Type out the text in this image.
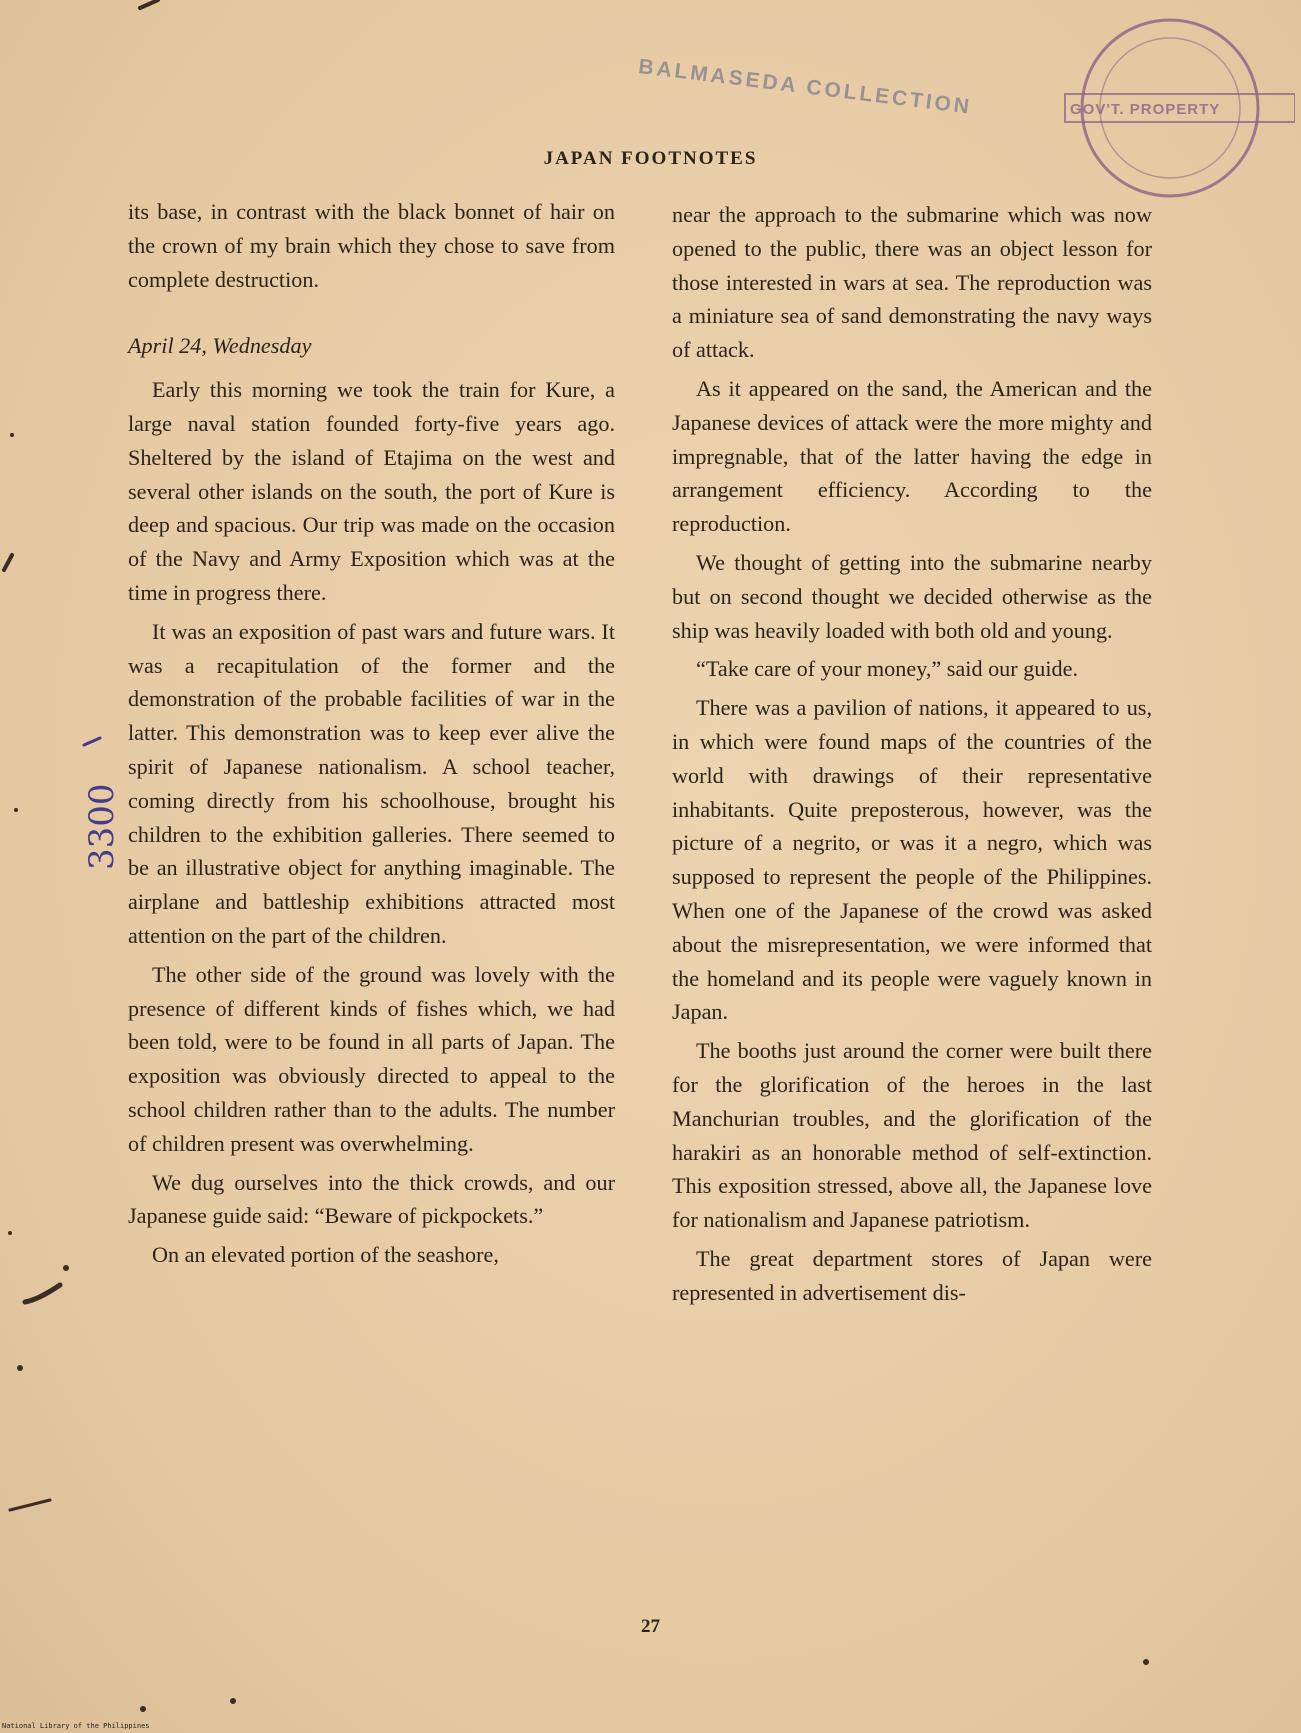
BALMASEDA COLLECTION	GOV'T. PROPERTY
JAPAN FOOTNOTES

its base, in contrast with the black bonnet of hair on the crown of my brain which they chose to save from complete destruction.

April 24, Wednesday

Early this morning we took the train for Kure, a large naval station founded forty-five years ago. Sheltered by the island of Etajima on the west and several other islands on the south, the port of Kure is deep and spacious. Our trip was made on the occasion of the Navy and Army Exposition which was at the time in progress there.

It was an exposition of past wars and future wars. It was a recapitulation of the former and the demonstration of the probable facilities of war in the latter. This demonstration was to keep ever alive the spirit of Japanese nationalism. A school teacher, coming directly from his schoolhouse, brought his children to the exhibition galleries. There seemed to be an illustrative object for anything imaginable. The airplane and battleship exhibitions attracted most attention on the part of the children.

The other side of the ground was lovely with the presence of different kinds of fishes which, we had been told, were to be found in all parts of Japan. The exposition was obviously directed to appeal to the school children rather than to the adults. The number of children present was overwhelming.

We dug ourselves into the thick crowds, and our Japanese guide said: “Beware of pickpockets.”

On an elevated portion of the seashore,

near the approach to the submarine which was now opened to the public, there was an object lesson for those interested in wars at sea. The reproduction was a miniature sea of sand demonstrating the navy ways of attack.

As it appeared on the sand, the American and the Japanese devices of attack were the more mighty and impregnable, that of the latter having the edge in arrangement efficiency. According to the reproduction.

We thought of getting into the submarine nearby but on second thought we decided otherwise as the ship was heavily loaded with both old and young.

“Take care of your money,” said our guide.

There was a pavilion of nations, it appeared to us, in which were found maps of the countries of the world with drawings of their representative inhabitants. Quite preposterous, however, was the picture of a negrito, or was it a negro, which was supposed to represent the people of the Philippines. When one of the Japanese of the crowd was asked about the misrepresentation, we were informed that the homeland and its people were vaguely known in Japan.

The booths just around the corner were built there for the glorification of the heroes in the last Manchurian troubles, and the glorification of the harakiri as an honorable method of self-extinction. This exposition stressed, above all, the Japanese love for nationalism and Japanese patriotism.

The great department stores of Japan were represented in advertisement dis-

3300
27
National Library of the Philippines
